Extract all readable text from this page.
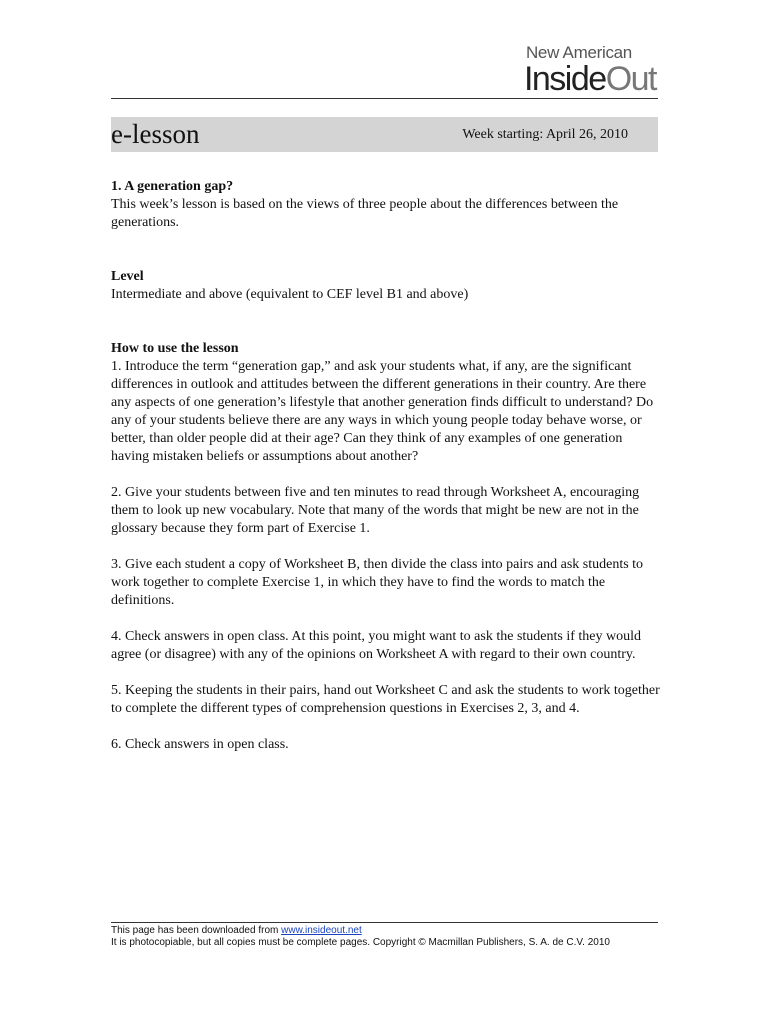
New American
InsideOut
e-lesson	Week starting: April 26, 2010

1. A generation gap?

This week’s lesson is based on the views of three people about the differences between the generations.

Level

Intermediate and above (equivalent to CEF level B1 and above)

How to use the lesson

1. Introduce the term “generation gap,” and ask your students what, if any, are the significant differences in outlook and attitudes between the different generations in their country. Are there any aspects of one generation’s lifestyle that another generation finds difficult to understand? Do any of your students believe there are any ways in which young people today behave worse, or better, than older people did at their age? Can they think of any examples of one generation having mistaken beliefs or assumptions about another?

2. Give your students between five and ten minutes to read through Worksheet A, encouraging them to look up new vocabulary. Note that many of the words that might be new are not in the glossary because they form part of Exercise 1.

3. Give each student a copy of Worksheet B, then divide the class into pairs and ask students to work together to complete Exercise 1, in which they have to find the words to match the definitions.

4. Check answers in open class. At this point, you might want to ask the students if they would agree (or disagree) with any of the opinions on Worksheet A with regard to their own country.

5. Keeping the students in their pairs, hand out Worksheet C and ask the students to work together to complete the different types of comprehension questions in Exercises 2, 3, and 4.

6. Check answers in open class.

This page has been downloaded from www.insideout.net
It is photocopiable, but all copies must be complete pages. Copyright © Macmillan Publishers, S. A. de C.V. 2010
